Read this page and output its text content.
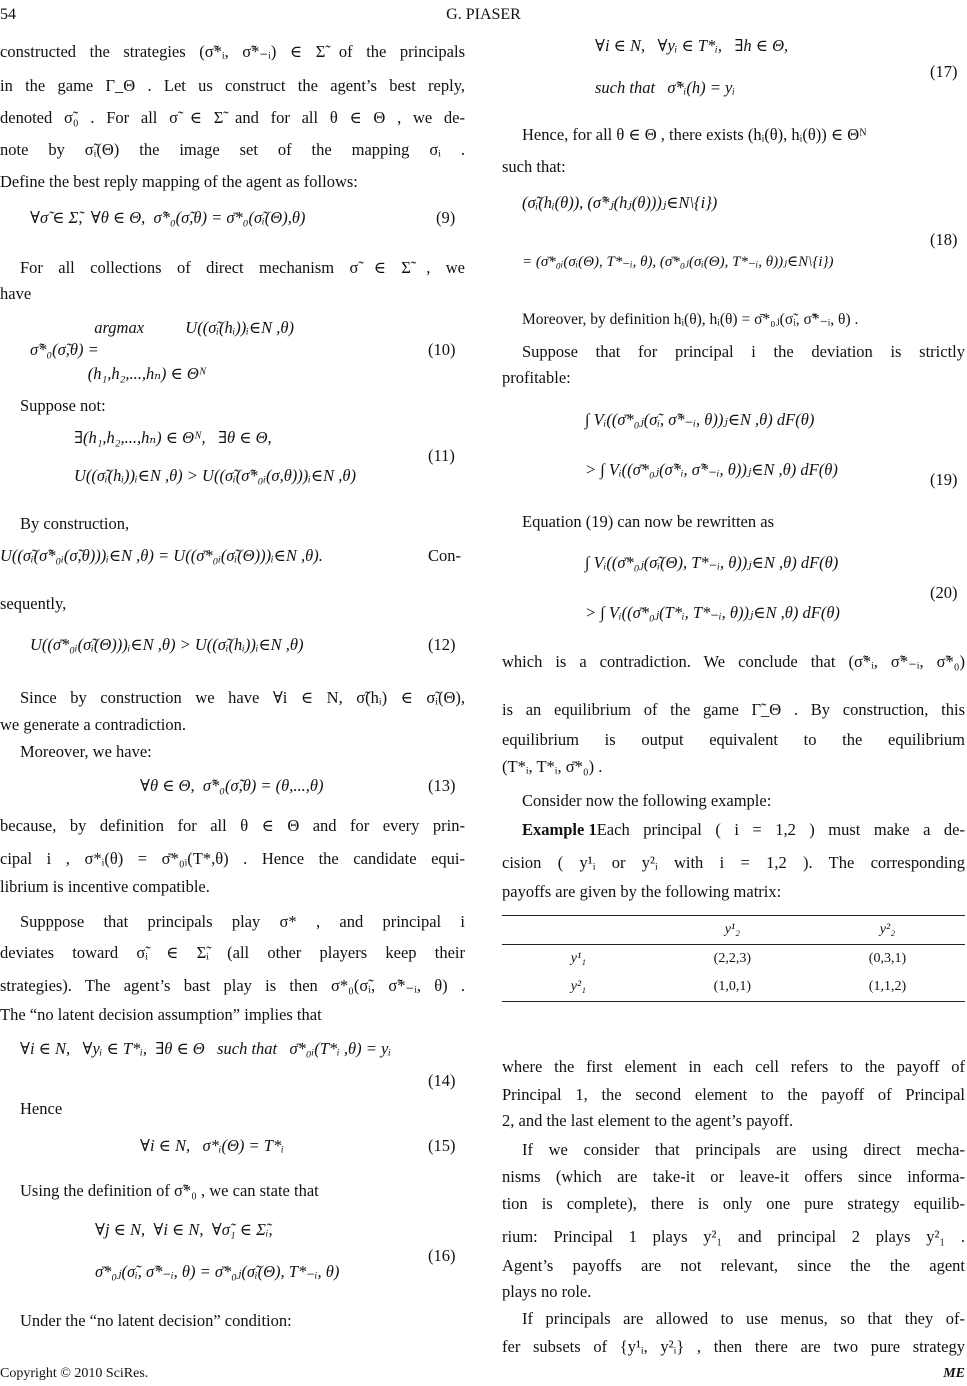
54	G. PIASER
constructed the strategies (σ̃*ᵢ, σ̃*₋ᵢ) ∈ Σ̃ of the principals
in the game Γ_Θ . Let us construct the agent’s best reply,
denoted σ̃₀ . For all σ̃ ∈ Σ̃ and for all θ ∈ Θ , we de-
note by σ̃ᵢ(Θ) the image set of the mapping σᵢ .
Define the best reply mapping of the agent as follows:
∀σ̃ ∈ Σ̃,  ∀θ ∈ Θ,  σ̃*₀(σ̃,θ) = σ̄*₀(σ̃ᵢ(Θ),θ)	(9)
For all collections of direct mechanism σ̃ ∈ Σ̃ , we
have
argmax          U((σ̃ᵢ(hᵢ))ᵢ∈N ,θ)
σ̃*₀(σ̃,θ) =
(h₁,h₂,...,hₙ) ∈ Θᴺ
(10)
Suppose not:
∃(h₁,h₂,...,hₙ) ∈ Θᴺ,   ∃θ ∈ Θ,
U((σ̃ᵢ(hᵢ))ᵢ∈N ,θ) > U((σ̃ᵢ(σ̃*₀ᵢ(σ,θ)))ᵢ∈N ,θ)
(11)
By construction,
U((σ̃ᵢ(σ̃*₀ᵢ(σ̃,θ)))ᵢ∈N ,θ) = U((σ̄*₀ᵢ(σ̃ᵢ(Θ)))ᵢ∈N ,θ).	Con-
sequently,
U((σ̄*₀ᵢ(σ̃ᵢ(Θ)))ᵢ∈N ,θ) > U((σ̃ᵢ(hᵢ))ᵢ∈N ,θ)	(12)
Since by construction we have ∀i ∈ N, σ̃(hᵢ) ∈ σ̃ᵢ(Θ),
we generate a contradiction.
Moreover, we have:
∀θ ∈ Θ,  σ̃*₀(σ̃,θ) = (θ,...,θ)	(13)
because, by definition for all θ ∈ Θ and for every prin-
cipal i , σ*ᵢ(θ) = σ̄*₀ᵢ(T*,θ) . Hence the candidate equi-
librium is incentive compatible.
Supppose that principals play σ* , and principal i
deviates toward σ̃ᵢ ∈ Σ̃ᵢ (all other players keep their
strategies). The agent’s bast play is then σ*₀(σ̃ᵢ, σ̃*₋ᵢ, θ) .
The “no latent decision assumption” implies that
∀i ∈ N,   ∀yᵢ ∈ T*ᵢ,  ∃θ ∈ Θ   such that   σ̄*₀ᵢ(T*ᵢ ,θ) = yᵢ
(14)
Hence
∀i ∈ N,   σ*ᵢ(Θ) = T*ᵢ	(15)
Using the definition of σ̃*₀ , we can state that
∀j ∈ N,  ∀i ∈ N,  ∀σ̃₁ ∈ Σ̃ᵢ,
σ̄*₀ⱼ(σ̃ᵢ, σ̃*₋ᵢ, θ) = σ̄*₀ⱼ(σ̃ᵢ(Θ), T*₋ᵢ, θ)
(16)
Under the “no latent decision” condition:
∀i ∈ N,   ∀yᵢ ∈ T*ᵢ,   ∃h ∈ Θ,
such that   σ̃*ᵢ(h) = yᵢ
(17)
Hence, for all θ ∈ Θ , there exists (hᵢ(θ), hᵢ(θ)) ∈ Θᴺ
such that:
(σ̃ᵢ(hᵢ(θ)), (σ̃*ⱼ(hⱼ(θ)))ⱼ∈N\{i})
= (σ̄*₀ᵢ(σᵢ(Θ), T*₋ᵢ, θ), (σ̄*₀ⱼ(σᵢ(Θ), T*₋ᵢ, θ))ⱼ∈N\{i})
(18)
Moreover, by definition hᵢ(θ), hᵢ(θ) = σ̄*₀ⱼ(σ̃ᵢ, σ̃*₋ᵢ, θ) .
Suppose that for principal i the deviation is strictly
profitable:
∫ Vᵢ((σ̄*₀ⱼ(σ̃ᵢ, σ̃*₋ᵢ, θ))ⱼ∈N ,θ) dF(θ)
> ∫ Vᵢ((σ̄*₀ⱼ(σ̃*ᵢ, σ̃*₋ᵢ, θ))ⱼ∈N ,θ) dF(θ)
(19)
Equation (19) can now be rewritten as
∫ Vᵢ((σ̄*₀ⱼ(σ̃ᵢ(Θ), T*₋ᵢ, θ))ⱼ∈N ,θ) dF(θ)
> ∫ Vᵢ((σ̄*₀ⱼ(T*ᵢ, T*₋ᵢ, θ))ⱼ∈N ,θ) dF(θ)
(20)
which is a contradiction. We conclude that (σ̃*ᵢ, σ̃*₋ᵢ, σ̃*₀)
is an equilibrium of the game Γ̃_Θ . By construction, this
equilibrium is output equivalent to the equilibrium
(T*ᵢ, T*ᵢ, σ̄*₀) .
Consider now the following example:
Example 1 Each principal ( i = 1,2 ) must make a de-
cision ( y¹ᵢ or y²ᵢ with i = 1,2 ). The corresponding
payoffs are given by the following matrix:
	y¹₂	y²₂
y¹₁	(2,2,3)	(0,3,1)
y²₁	(1,0,1)	(1,1,2)
where the first element in each cell refers to the payoff of
Principal 1, the second element to the payoff of Principal
2, and the last element to the agent’s payoff.
If we consider that principals are using direct mecha-
nisms (which are take-it or leave-it offers since informa-
tion is complete), there is only one pure strategy equilib-
rium: Principal 1 plays y²₁ and principal 2 plays y²₁ .
Agent’s payoffs are not relevant, since the the agent
plays no role.
If principals are allowed to use menus, so that they of-
fer subsets of {y¹ᵢ, y²ᵢ} , then there are two pure strategy
Copyright © 2010 SciRes.	ME
